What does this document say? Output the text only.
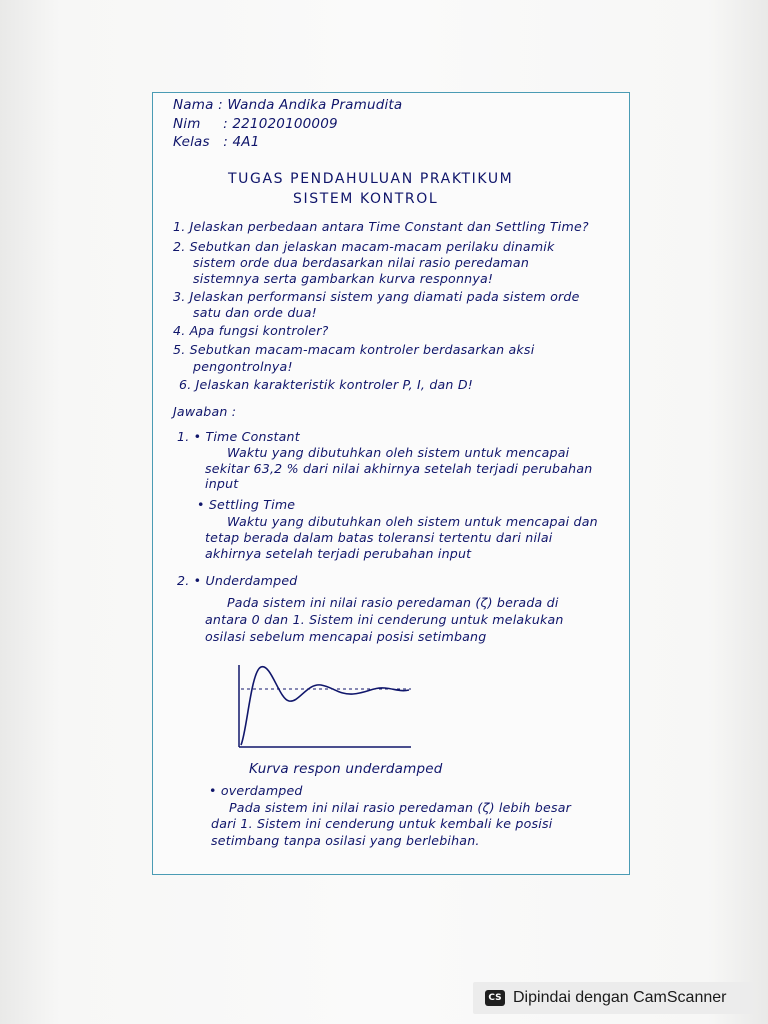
Nama : Wanda Andika Pramudita
Nim     : 221020100009
Kelas   : 4A1
TUGAS PENDAHULUAN PRAKTIKUM
SISTEM KONTROL
1. Jelaskan perbedaan antara Time Constant dan Settling Time?
2. Sebutkan dan jelaskan macam-macam perilaku dinamik
sistem orde dua berdasarkan nilai rasio peredaman
sistemnya serta gambarkan kurva responnya!
3. Jelaskan performansi sistem yang diamati pada sistem orde
satu dan orde dua!
4. Apa fungsi kontroler?
5. Sebutkan macam-macam kontroler berdasarkan aksi
pengontrolnya!
6. Jelaskan karakteristik kontroler P, I, dan D!
Jawaban :
1. • Time Constant
Waktu yang dibutuhkan oleh sistem untuk mencapai
sekitar 63,2 % dari nilai akhirnya setelah terjadi perubahan
input
• Settling Time
Waktu yang dibutuhkan oleh sistem untuk mencapai dan
tetap berada dalam batas toleransi tertentu dari nilai
akhirnya setelah terjadi perubahan input
2. • Underdamped
Pada sistem ini nilai rasio peredaman (ζ) berada di
antara 0 dan 1. Sistem ini cenderung untuk melakukan
osilasi sebelum mencapai posisi setimbang
Kurva respon underdamped
• overdamped
Pada sistem ini nilai rasio peredaman (ζ) lebih besar
dari 1. Sistem ini cenderung untuk kembali ke posisi
setimbang tanpa osilasi yang berlebihan.
CS Dipindai dengan CamScanner
